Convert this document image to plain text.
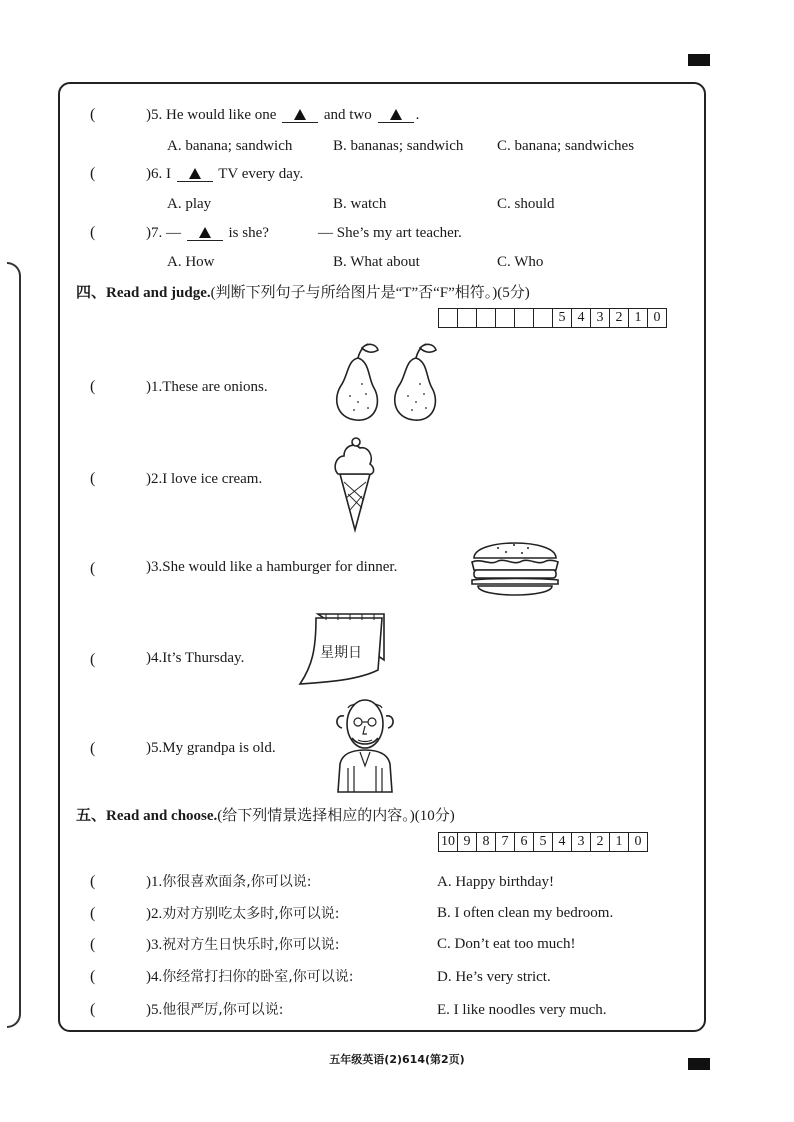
(	)5. He would like one	and two	.
A. banana; sandwich	B. bananas; sandwich C. banana; sandwiches
(	)6. I	TV every day.
A. play	B. watch	C. should
(	)7. —	is she?	— She’s my art teacher.
A. How	B. What about	C. Who
四、Read and judge.(判断下列句子与所给图片是“T”否“F”相符。)(5分)
						5	4	3	2	1	0
(	)1.These are onions.
(	)2.I love ice cream.
(	)3.She would like a hamburger for dinner.
(	)4.It’s Thursday.
(	)5.My grandpa is old.
星期日
五、Read and choose.(给下列情景选择相应的内容。)(10分)
10	9	8	7	6	5	4	3	2	1	0
(	)1.你很喜欢面条,你可以说:	A. Happy birthday!
(	)2.劝对方别吃太多时,你可以说:	B. I often clean my bedroom.
(	)3.祝对方生日快乐时,你可以说:	C. Don’t eat too much!
(	)4.你经常打扫你的卧室,你可以说:	D. He’s very strict.
(	)5.他很严厉,你可以说:	E. I like noodles very much.
五年级英语(2)614(第2页)
